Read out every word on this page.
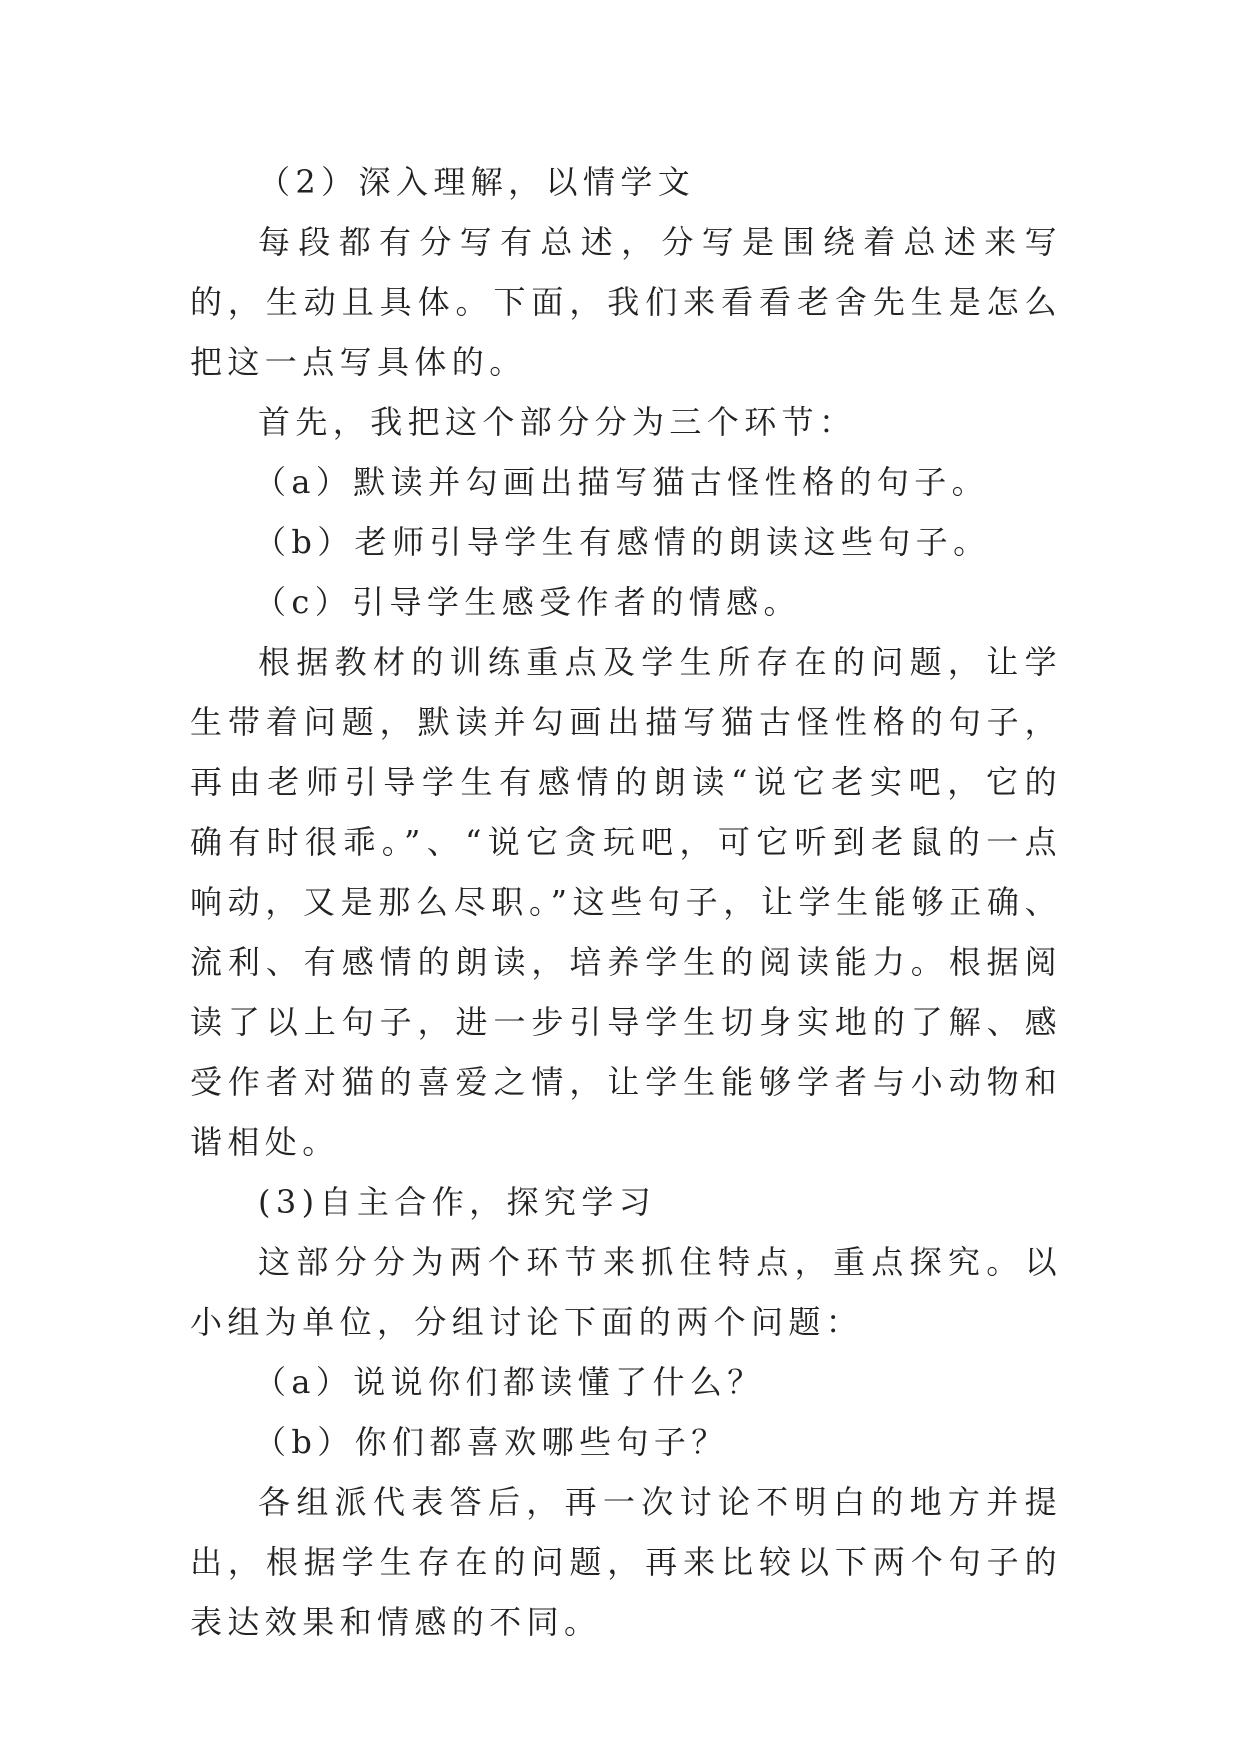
（2）深入理解，以情学文

每段都有分写有总述，分写是围绕着总述来写的，生动且具体。下面，我们来看看老舍先生是怎么把这一点写具体的。

首先，我把这个部分分为三个环节：

（a）默读并勾画出描写猫古怪性格的句子。

（b）老师引导学生有感情的朗读这些句子。

（c）引导学生感受作者的情感。

根据教材的训练重点及学生所存在的问题，让学生带着问题，默读并勾画出描写猫古怪性格的句子，再由老师引导学生有感情的朗读“说它老实吧，它的确有时很乖。”、“说它贪玩吧，可它听到老鼠的一点响动，又是那么尽职。”这些句子，让学生能够正确、流利、有感情的朗读，培养学生的阅读能力。根据阅读了以上句子，进一步引导学生切身实地的了解、感受作者对猫的喜爱之情，让学生能够学者与小动物和谐相处。

(3)自主合作，探究学习

这部分分为两个环节来抓住特点，重点探究。以小组为单位，分组讨论下面的两个问题：

（a）说说你们都读懂了什么？

（b）你们都喜欢哪些句子？

各组派代表答后，再一次讨论不明白的地方并提出，根据学生存在的问题，再来比较以下两个句子的表达效果和情感的不同。
